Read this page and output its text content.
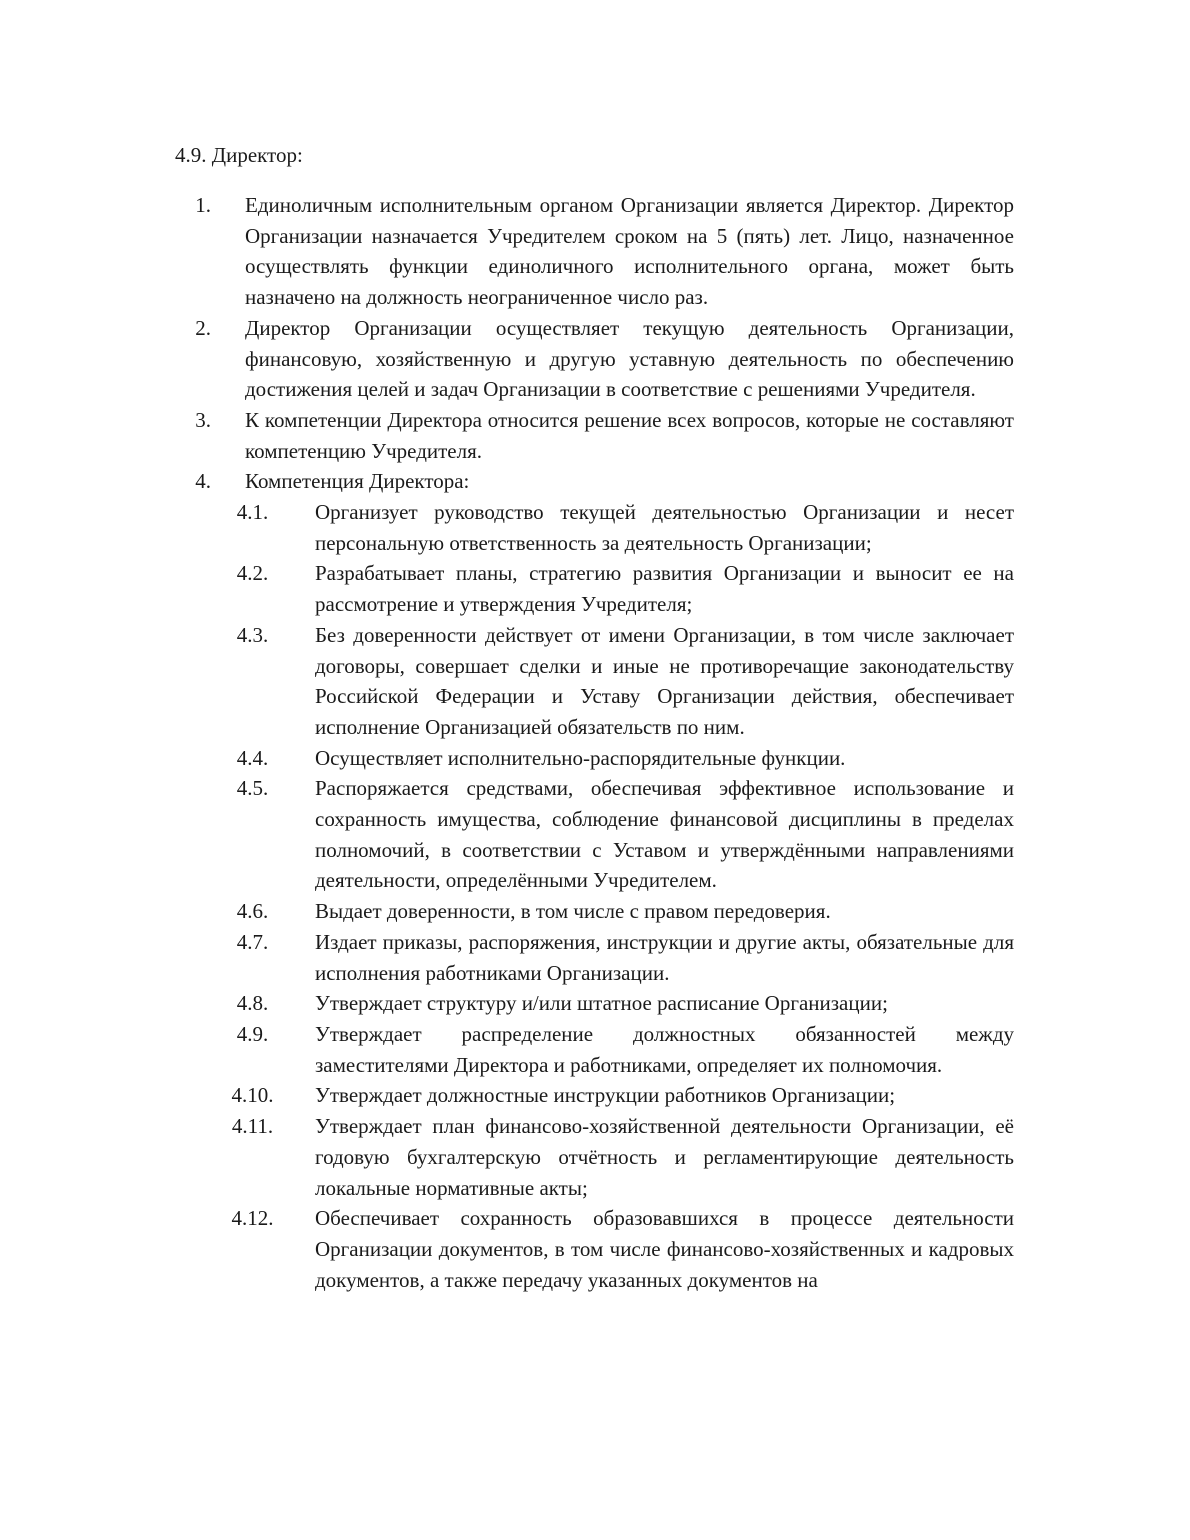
4.9. Директор:
1. Единоличным исполнительным органом Организации является Директор. Директор Организации назначается Учредителем сроком на 5 (пять) лет. Лицо, назначенное осуществлять функции единоличного исполнительного органа, может быть назначено на должность неограниченное число раз.
2. Директор Организации осуществляет текущую деятельность Организации, финансовую, хозяйственную и другую уставную деятельность по обеспечению достижения целей и задач Организации в соответствие с решениями Учредителя.
3. К компетенции Директора относится решение всех вопросов, которые не составляют компетенцию Учредителя.
4. Компетенция Директора:
4.1.	Организует руководство текущей деятельностью Организации и несет персональную ответственность за деятельность Организации;
4.2.	Разрабатывает планы, стратегию развития Организации и выносит ее на рассмотрение и утверждения Учредителя;
4.3.	Без доверенности действует от имени Организации, в том числе заключает договоры, совершает сделки и иные не противоречащие законодательству Российской Федерации и Уставу Организации действия, обеспечивает исполнение Организацией обязательств по ним.
4.4.	Осуществляет исполнительно-распорядительные функции.
4.5.	Распоряжается средствами, обеспечивая эффективное использование и сохранность имущества, соблюдение финансовой дисциплины в пределах полномочий, в соответствии с Уставом и утверждёнными направлениями деятельности, определёнными Учредителем.
4.6.	Выдает доверенности, в том числе с правом передоверия.
4.7.	Издает приказы, распоряжения, инструкции и другие акты, обязательные для исполнения работниками Организации.
4.8.	Утверждает структуру и/или штатное расписание Организации;
4.9.	Утверждает распределение должностных обязанностей между заместителями Директора и работниками, определяет их полномочия.
4.10.	Утверждает должностные инструкции работников Организации;
4.11.	Утверждает план финансово-хозяйственной деятельности Организации, её годовую бухгалтерскую отчётность и регламентирующие деятельность локальные нормативные акты;
4.12.	Обеспечивает сохранность образовавшихся в процессе деятельности Организации документов, в том числе финансово-хозяйственных и кадровых документов, а также передачу указанных документов на
